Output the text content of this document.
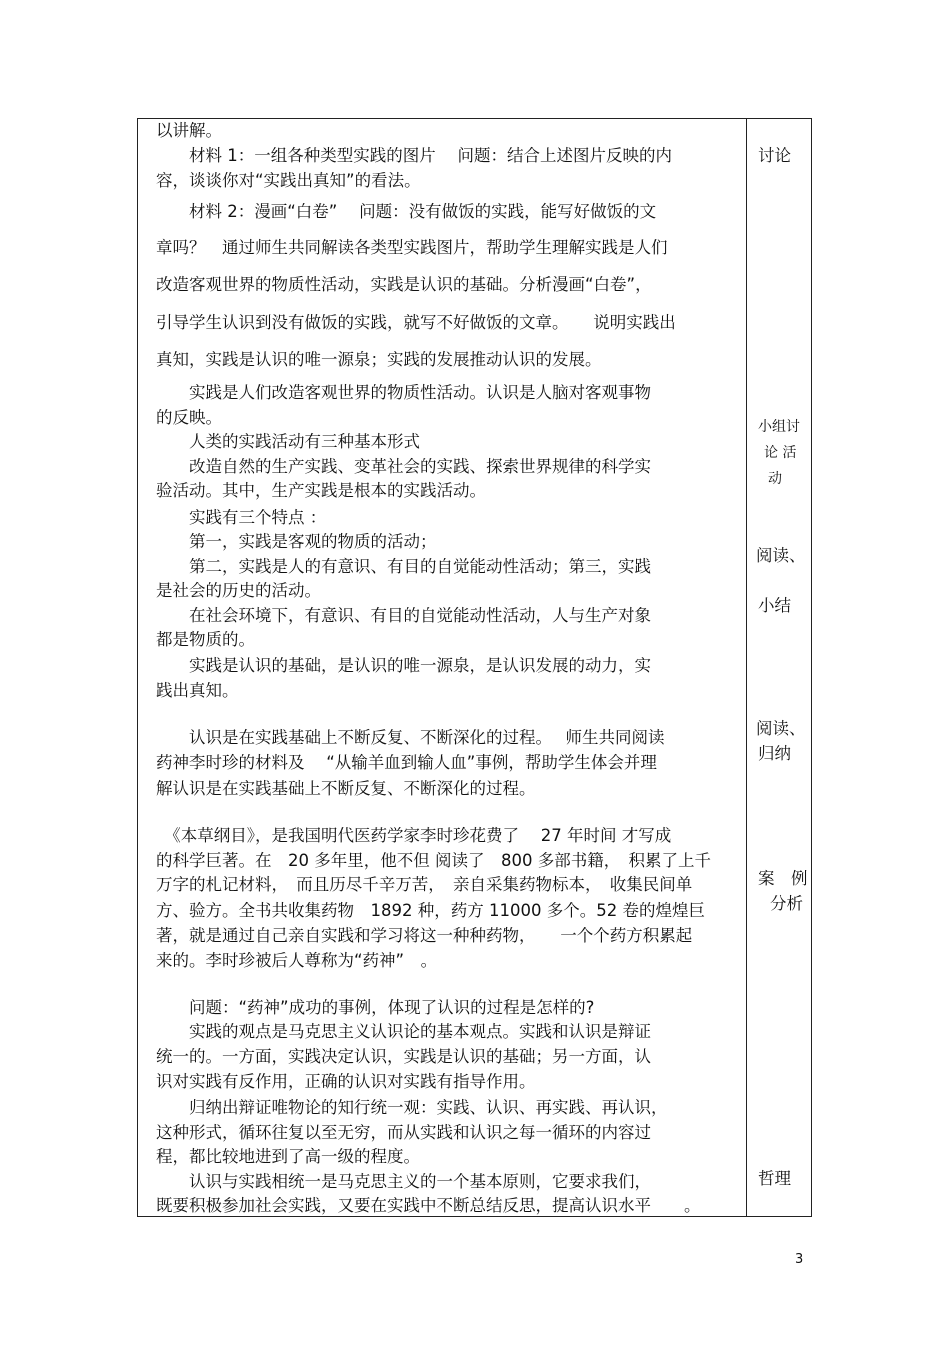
以讲解。
　　材料 1：一组各种类型实践的图片　 问题：结合上述图片反映的内
容，谈谈你对“实践出真知”的看法。
　　材料 2：漫画“白卷”　 问题：没有做饭的实践，能写好做饭的文
章吗？　通过师生共同解读各类型实践图片，帮助学生理解实践是人们
改造客观世界的物质性活动，实践是认识的基础。分析漫画“白卷”，
引导学生认识到没有做饭的实践，就写不好做饭的文章。　　说明实践出
真知，实践是认识的唯一源泉；实践的发展推动认识的发展。
　　实践是人们改造客观世界的物质性活动。认识是人脑对客观事物
的反映。
　　人类的实践活动有三种基本形式
　　改造自然的生产实践、变革社会的实践、探索世界规律的科学实
验活动。其中，生产实践是根本的实践活动。
　　实践有三个特点 ：
　　第一，实践是客观的物质的活动；
　　第二，实践是人的有意识、有目的自觉能动性活动；第三，实践
是社会的历史的活动。
　　在社会环境下，有意识、有目的自觉能动性活动，人与生产对象
都是物质的。
　　实践是认识的基础，是认识的唯一源泉，是认识发展的动力，实
践出真知。
　　认识是在实践基础上不断反复、不断深化的过程。　 师生共同阅读
药神李时珍的材料及　 “从输羊血到输人血”事例，帮助学生体会并理
解认识是在实践基础上不断反复、不断深化的过程。
　《本草纲目》，是我国明代医药学家李时珍花费了　 27 年时间 才写成
的科学巨著。在　20 多年里，他不但 阅读了　800 多部书籍，　积累了上千
万字的札记材料，　而且历尽千辛万苦，　亲自采集药物标本，　收集民间单
方、验方。全书共收集药物　1892 种，药方 11000 多个。52 卷的煌煌巨
著，就是通过自己亲自实践和学习将这一种种药物，　　一个个药方积累起
来的。李时珍被后人尊称为“药神”　。
　　问题：“药神”成功的事例，体现了认识的过程是怎样的?
　　实践的观点是马克思主义认识论的基本观点。实践和认识是辩证
统一的。一方面，实践决定认识，实践是认识的基础；另一方面，认
识对实践有反作用，正确的认识对实践有指导作用。
　　归纳出辩证唯物论的知行统一观：实践、认识、再实践、再认识，
这种形式，循环往复以至无穷，而从实践和认识之每一循环的内容过
程，都比较地进到了高一级的程度。
　　认识与实践相统一是马克思主义的一个基本原则，它要求我们，
既要积极参加社会实践，又要在实践中不断总结反思，提高认识水平　　。
讨论
小组讨
论 活
动
阅读、
小结
阅读、
归纳
案　例
分析
哲理
3
